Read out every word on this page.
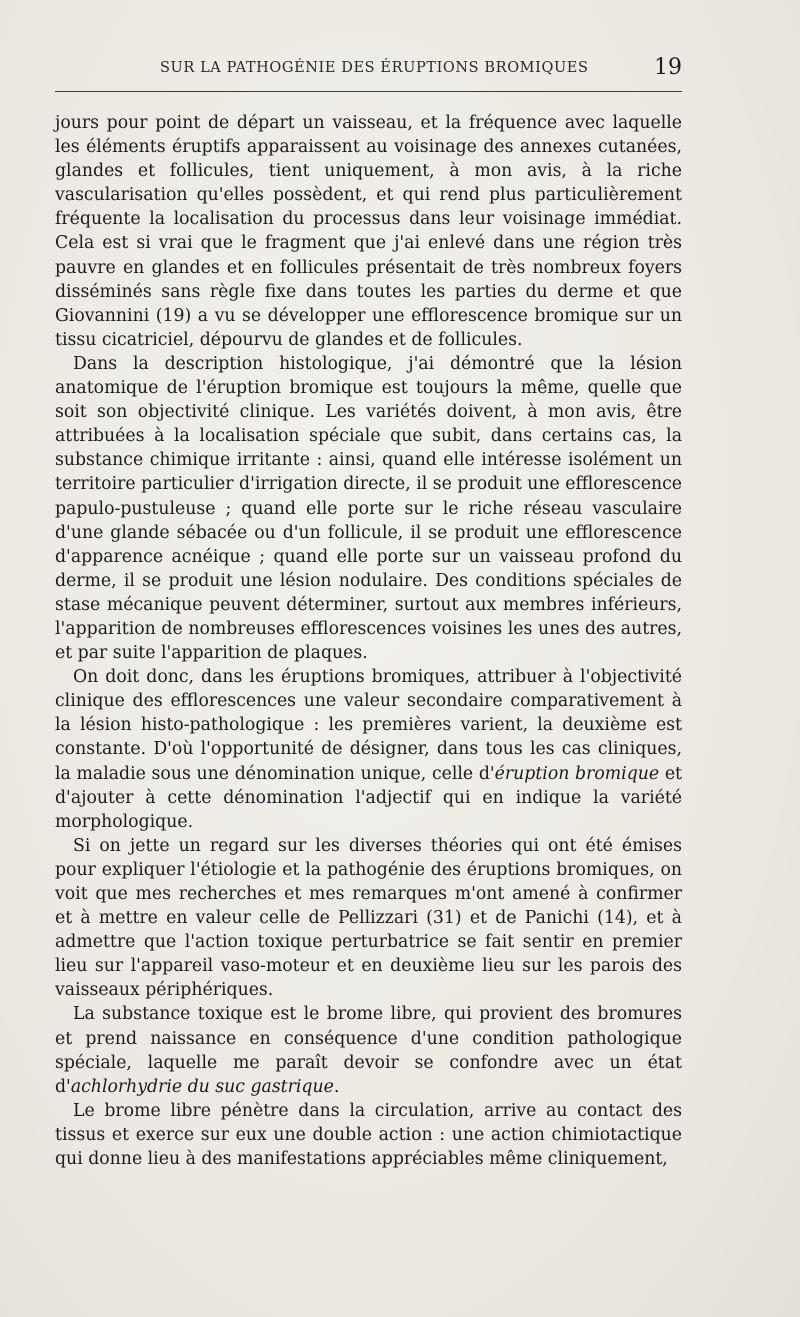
SUR LA PATHOGÉNIE DES ÉRUPTIONS BROMIQUES	19

jours pour point de départ un vaisseau, et la fréquence avec laquelle les éléments éruptifs apparaissent au voisinage des annexes cutanées, glandes et follicules, tient uniquement, à mon avis, à la riche vascularisation qu'elles possèdent, et qui rend plus particulièrement fréquente la localisation du processus dans leur voisinage immédiat. Cela est si vrai que le fragment que j'ai enlevé dans une région très pauvre en glandes et en follicules présentait de très nombreux foyers disséminés sans règle fixe dans toutes les parties du derme et que Giovannini (19) a vu se développer une efflorescence bromique sur un tissu cicatriciel, dépourvu de glandes et de follicules.

Dans la description histologique, j'ai démontré que la lésion anatomique de l'éruption bromique est toujours la même, quelle que soit son objectivité clinique. Les variétés doivent, à mon avis, être attribuées à la localisation spéciale que subit, dans certains cas, la substance chimique irritante : ainsi, quand elle intéresse isolément un territoire particulier d'irrigation directe, il se produit une efflorescence papulo-pustuleuse ; quand elle porte sur le riche réseau vasculaire d'une glande sébacée ou d'un follicule, il se produit une efflorescence d'apparence acnéique ; quand elle porte sur un vaisseau profond du derme, il se produit une lésion nodulaire. Des conditions spéciales de stase mécanique peuvent déterminer, surtout aux membres inférieurs, l'apparition de nombreuses efflorescences voisines les unes des autres, et par suite l'apparition de plaques.

On doit donc, dans les éruptions bromiques, attribuer à l'objectivité clinique des efflorescences une valeur secondaire comparativement à la lésion histo-pathologique : les premières varient, la deuxième est constante. D'où l'opportunité de désigner, dans tous les cas cliniques, la maladie sous une dénomination unique, celle d'éruption bromique et d'ajouter à cette dénomination l'adjectif qui en indique la variété morphologique.

Si on jette un regard sur les diverses théories qui ont été émises pour expliquer l'étiologie et la pathogénie des éruptions bromiques, on voit que mes recherches et mes remarques m'ont amené à confirmer et à mettre en valeur celle de Pellizzari (31) et de Panichi (14), et à admettre que l'action toxique perturbatrice se fait sentir en premier lieu sur l'appareil vaso-moteur et en deuxième lieu sur les parois des vaisseaux périphériques.

La substance toxique est le brome libre, qui provient des bromures et prend naissance en conséquence d'une condition pathologique spéciale, laquelle me paraît devoir se confondre avec un état d'achlorhydrie du suc gastrique.

Le brome libre pénètre dans la circulation, arrive au contact des tissus et exerce sur eux une double action : une action chimiotactique qui donne lieu à des manifestations appréciables même cliniquement,
